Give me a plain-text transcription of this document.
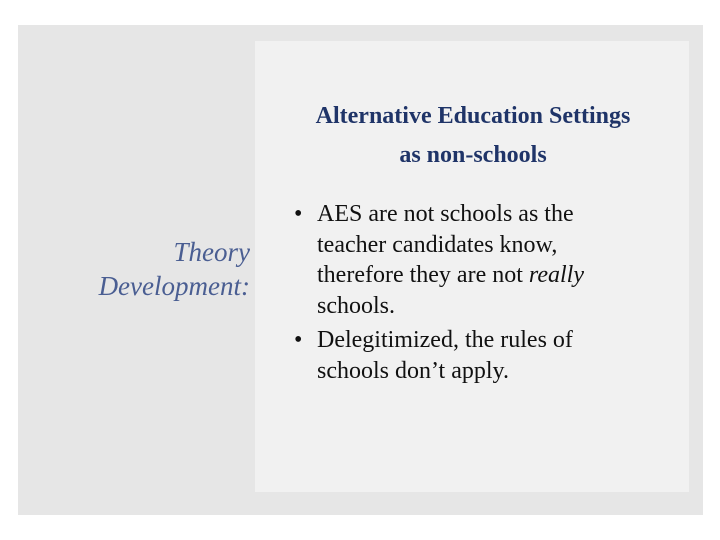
Theory
Development:
Alternative Education Settings
as non-schools
• AES are not schools as the
teacher candidates know,
therefore they are not really
schools.
• Delegitimized, the rules of
schools don’t apply.
